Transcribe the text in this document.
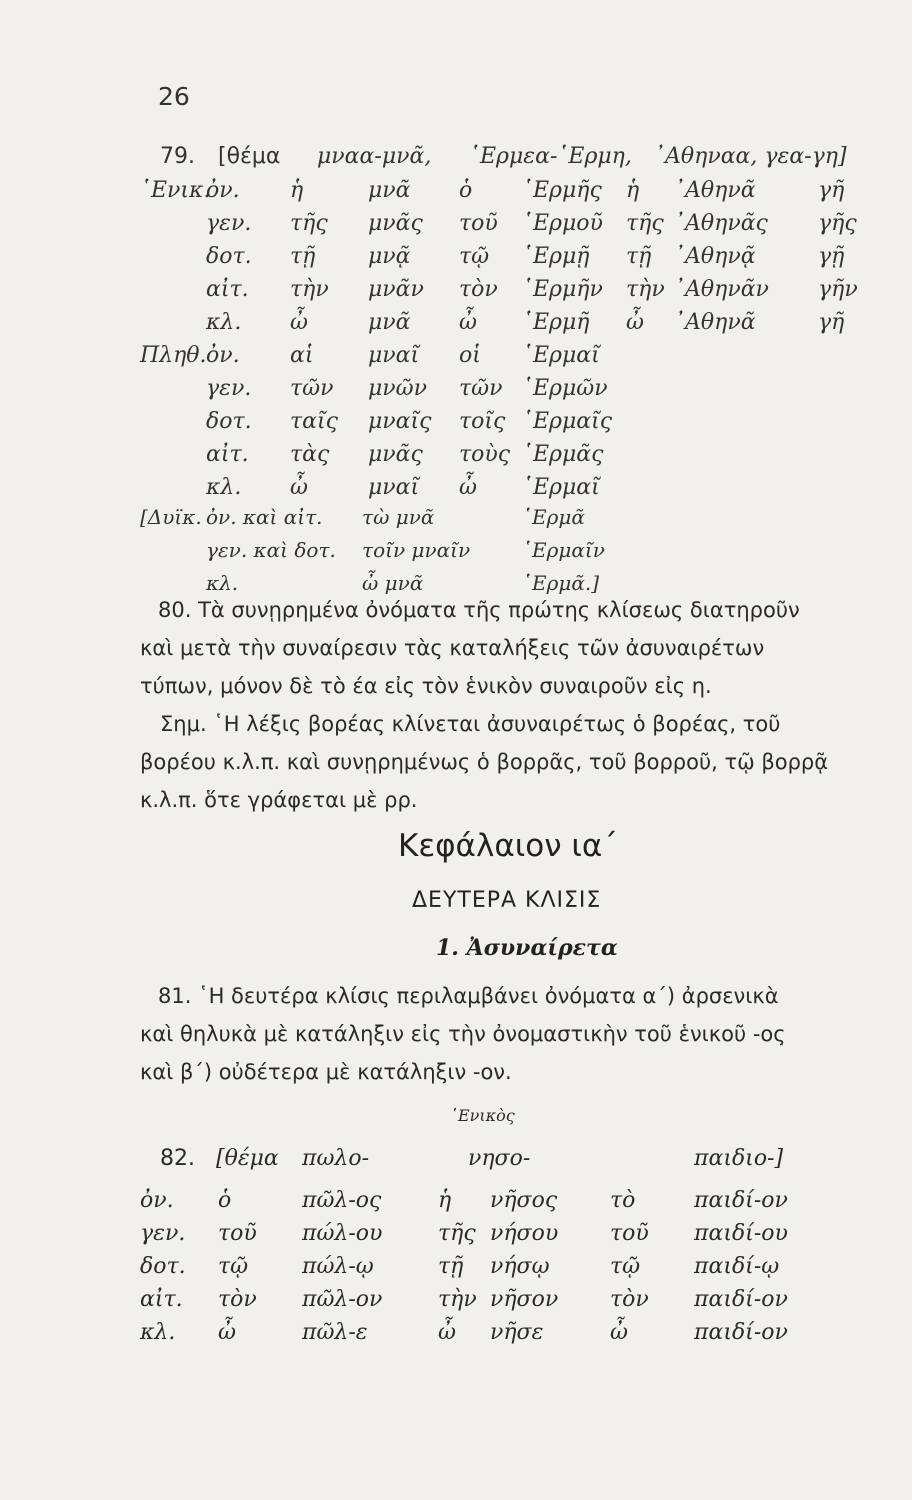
26
79. [θέμα μναα-μνᾶ, ῾Ερμεα-῾Ερμη, ᾿Αθηναα, γεα-γη]
῾Ενικ.
ὀν. ἡ	μνᾶ ὁ ῾Ερμῆς ἡ ᾿Αθηνᾶ	γῆ
γεν. τῆς μνᾶς τοῦ ῾Ερμοῦ τῆς ᾿Αθηνᾶς γῆς
δοτ. τῇ μνᾷ τῷ ῾Ερμῇ τῇ ᾿Αθηνᾷ	γῇ
αἰτ. τὴν μνᾶν τὸν ῾Ερμῆν τὴν ᾿Αθηνᾶν γῆν
κλ. ὦ	μνᾶ ὦ ῾Ερμῆ ὦ ᾿Αθηνᾶ	γῆ
Πληθ. ὀν. αἱ μναῖ οἱ ῾Ερμαῖ
γεν. τῶν μνῶν τῶν ῾Ερμῶν
δοτ. ταῖς μναῖς τοῖς ῾Ερμαῖς
αἰτ. τὰς μνᾶς τοὺς ῾Ερμᾶς
κλ. ὦ	μναῖ ὦ ῾Ερμαῖ
[Δυϊκ. ὀν. καὶ αἰτ. τὼ μνᾶ	῾Ερμᾶ
γεν. καὶ δοτ. τοῖν μναῖν	῾Ερμαῖν
κλ.	ὦ μνᾶ	῾Ερμᾶ.]
80. Τὰ συνῃρημένα ὀνόματα τῆς πρώτης κλίσεως διατηροῦν
καὶ μετὰ τὴν συναίρεσιν τὰς καταλήξεις τῶν ἀσυναιρέτων
τύπων, μόνον δὲ τὸ έα εἰς τὸν ἑνικὸν συναιροῦν εἰς η.
Σημ. ῾Η λέξις βορέας κλίνεται ἀσυναιρέτως ὁ βορέας, τοῦ
βορέου κ.λ.π. καὶ συνῃρημένως ὁ βορρᾶς, τοῦ βορροῦ, τῷ βορρᾷ
κ.λ.π. ὅτε γράφεται μὲ ρρ.
Κεφάλαιον ια΄
ΔΕΥΤΕΡΑ ΚΛΙΣΙΣ
1. Ἀσυναίρετα
81. ῾Η δευτέρα κλίσις περιλαμβάνει ὀνόματα α΄) ἀρσενικὰ
καὶ θηλυκὰ μὲ κατάληξιν εἰς τὴν ὀνομαστικὴν τοῦ ἑνικοῦ -ος
καὶ β΄) οὐδέτερα μὲ κατάληξιν -ον.
῾Ενικὸς
82. [θέμα πωλο-	νησο-	παιδιο-]
ὀν. ὁ	πῶλ-ος	ἡ νῆσος τὸ	παιδί-ον
γεν. τοῦ πώλ-ου	τῆς νήσου τοῦ παιδί-ου
δοτ. τῷ πώλ-ῳ	τῇ νήσῳ	τῷ παιδί-ῳ
αἰτ. τὸν πῶλ-ον	τὴν νῆσον τὸν παιδί-ον
κλ. ὦ	πῶλ-ε	ὦ νῆσε	ὦ	παιδί-ον
